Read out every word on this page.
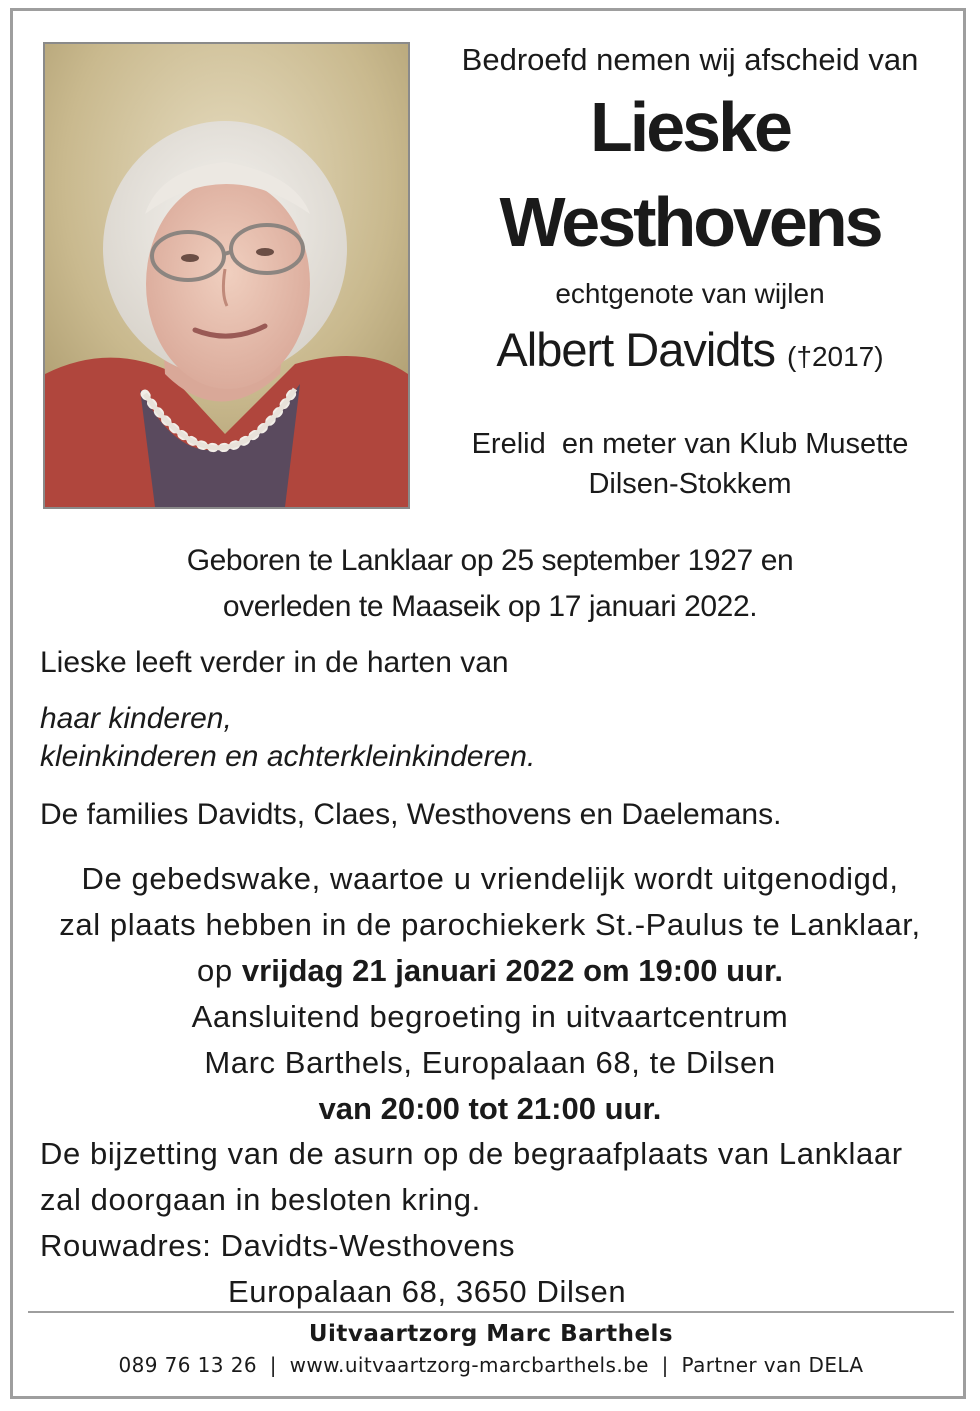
Bedroefd nemen wij afscheid van
Lieske
Westhovens
echtgenote van wijlen
Albert Davidts (†2017)
Erelid  en meter van Klub Musette
Dilsen-Stokkem
Geboren te Lanklaar op 25 september 1927 en
overleden te Maaseik op 17 januari 2022.
Lieske leeft verder in de harten van
haar kinderen,
kleinkinderen en achterkleinkinderen.
De families Davidts, Claes, Westhovens en Daelemans.
De gebedswake, waartoe u vriendelijk wordt uitgenodigd,
zal plaats hebben in de parochiekerk St.-Paulus te Lanklaar,
op vrijdag 21 januari 2022 om 19:00 uur.
Aansluitend begroeting in uitvaartcentrum
Marc Barthels, Europalaan 68, te Dilsen
van 20:00 tot 21:00 uur.
De bijzetting van de asurn op de begraafplaats van Lanklaar
zal doorgaan in besloten kring.
Rouwadres: Davidts-Westhovens
Europalaan 68, 3650 Dilsen
Uitvaartzorg Marc Barthels
089 76 13 26 | www.uitvaartzorg-marcbarthels.be | Partner van DELA
